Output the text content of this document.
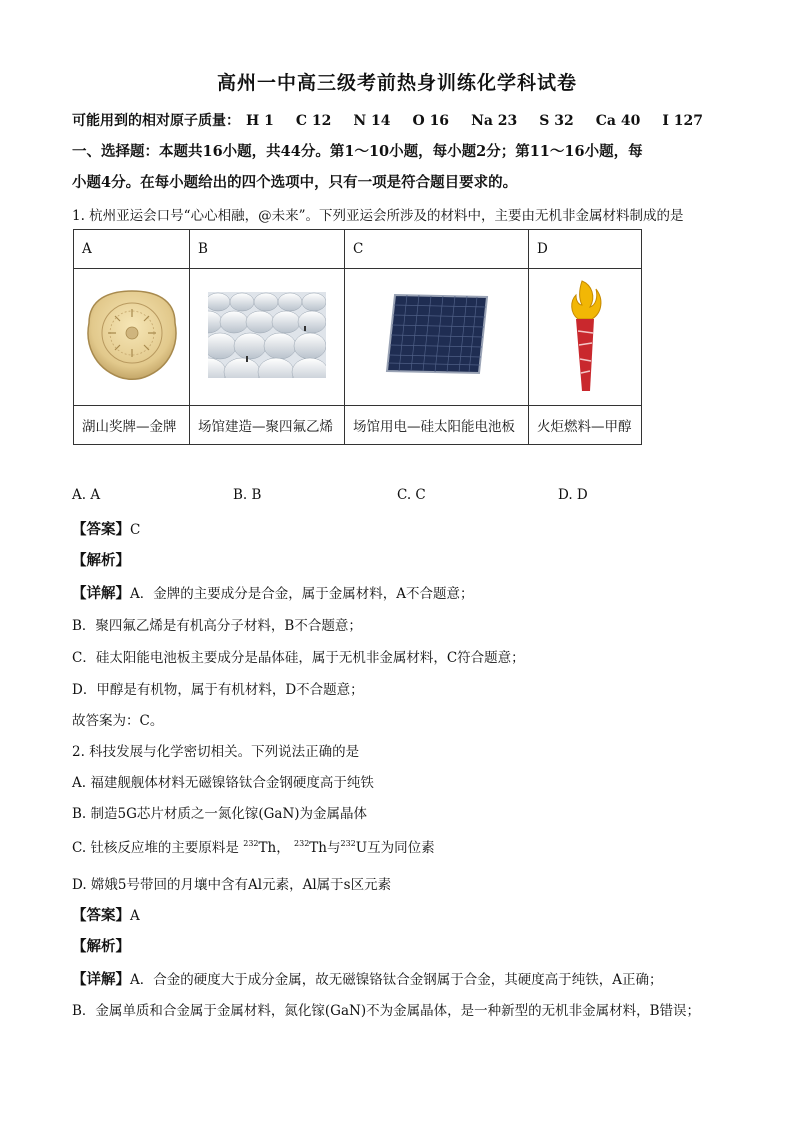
高州一中高三级考前热身训练化学科试卷
可能用到的相对原子质量： H 1 C 12 N 14 O 16 Na 23 S 32 Ca 40 I 127
一、选择题：本题共16小题，共44分。第1～10小题，每小题2分；第11～16小题，每
小题4分。在每小题给出的四个选项中，只有一项是符合题目要求的。
1. 杭州亚运会口号“心心相融，@未来”。下列亚运会所涉及的材料中，主要由无机非金属材料制成的是
A	B	C	D

湖山奖牌—金牌	场馆建造—聚四氟乙烯	场馆用电—硅太阳能电池板	火炬燃料—甲醇
A. A	B. B	C. C	D. D
【答案】C
【解析】
【详解】A．金牌的主要成分是合金，属于金属材料，A不合题意；
B．聚四氟乙烯是有机高分子材料，B不合题意；
C．硅太阳能电池板主要成分是晶体硅，属于无机非金属材料，C符合题意；
D．甲醇是有机物，属于有机材料，D不合题意；
故答案为：C。
2. 科技发展与化学密切相关。下列说法正确的是
A. 福建舰舰体材料无磁镍铬钛合金钢硬度高于纯铁
B. 制造5G芯片材质之一氮化镓(GaN)为金属晶体
C. 钍核反应堆的主要原料是 $^{232}$Th， $^{232}$Th与$^{232}$U互为同位素
D. 嫦娥5号带回的月壤中含有Al元素，Al属于s区元素
【答案】A
【解析】
【详解】A．合金的硬度大于成分金属，故无磁镍铬钛合金钢属于合金，其硬度高于纯铁，A正确；
B．金属单质和合金属于金属材料，氮化镓(GaN)不为金属晶体，是一种新型的无机非金属材料，B错误；
